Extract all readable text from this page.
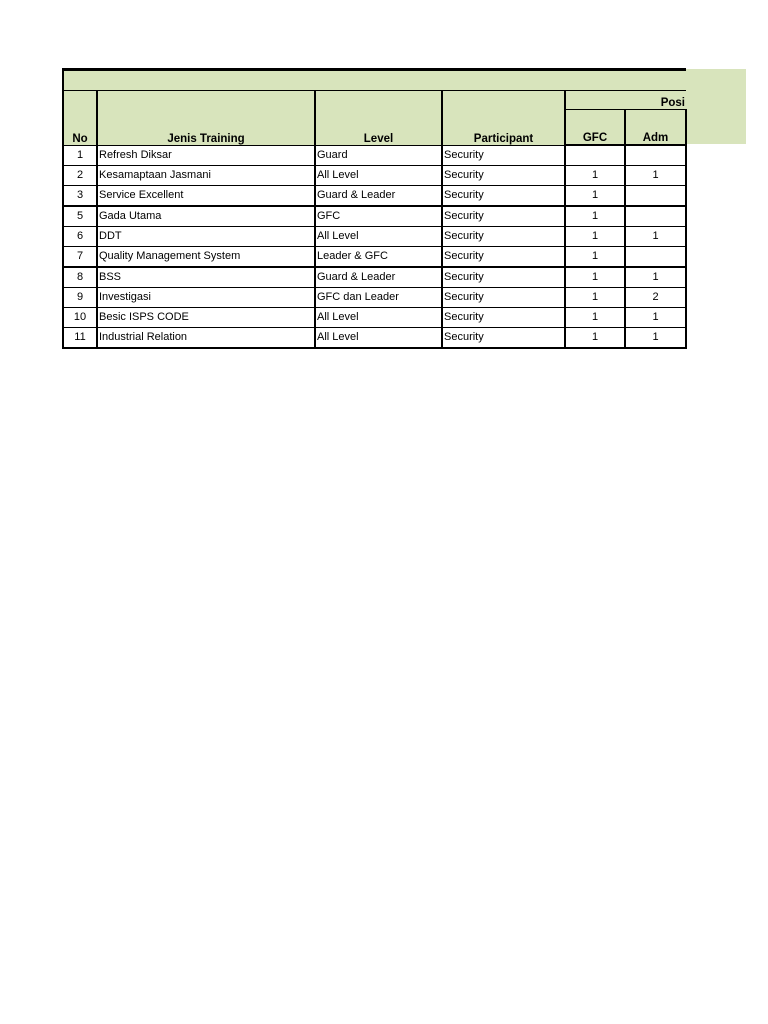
No	Jenis Training	Level	Participant	Posi	
				GFC	Adm
1	Refresh Diksar	Guard	Security		
2	Kesamaptaan Jasmani	All Level	Security	1	1
3	Service Excellent	Guard & Leader	Security	1	
5	Gada Utama	GFC	Security	1	
6	DDT	All Level	Security	1	1
7	Quality Management System	Leader & GFC	Security	1	
8	BSS	Guard & Leader	Security	1	1
9	Investigasi	GFC dan Leader	Security	1	2
10	Besic ISPS CODE	All Level	Security	1	1
11	Industrial Relation	All Level	Security	1	1
